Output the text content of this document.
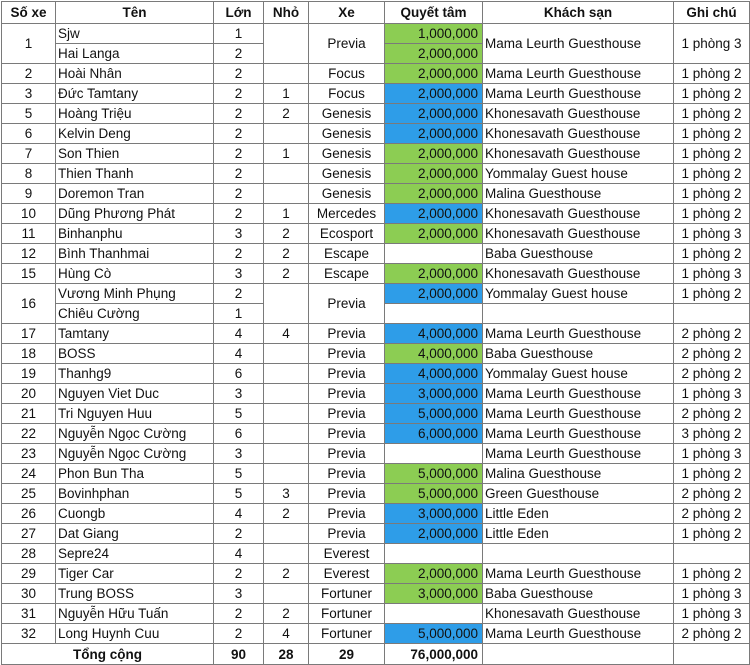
Số xe	Tên	Lớn	Nhỏ	Xe	Quyết tâm	Khách sạn	Ghi chú
1	Sjw	1		Previa	1,000,000	Mama Leurth Guesthouse	1 phòng 3
	Hai Langa	2			2,000,000		
2	Hoài Nhân	2		Focus	2,000,000	Mama Leurth Guesthouse	1 phòng 2
3	Đức Tamtany	2	1	Focus	2,000,000	Mama Leurth Guesthouse	1 phòng 2
5	Hoàng Triệu	2	2	Genesis	2,000,000	Khonesavath Guesthouse	1 phòng 2
6	Kelvin Deng	2		Genesis	2,000,000	Khonesavath Guesthouse	1 phòng 2
7	Son Thien	2	1	Genesis	2,000,000	Khonesavath Guesthouse	1 phòng 2
8	Thien Thanh	2		Genesis	2,000,000	Yommalay Guest house	1 phòng 2
9	Doremon Tran	2		Genesis	2,000,000	Malina Guesthouse	1 phòng 2
10	Dũng Phương Phát	2	1	Mercedes	2,000,000	Khonesavath Guesthouse	1 phòng 2
11	Binhanphu	3	2	Ecosport	2,000,000	Khonesavath Guesthouse	1 phòng 3
12	Bình Thanhmai	2	2	Escape		Baba Guesthouse	1 phòng 2
15	Hùng Cò	3	2	Escape	2,000,000	Khonesavath Guesthouse	1 phòng 3
16	Vương Minh Phụng	2		Previa	2,000,000	Yommalay Guest house	1 phòng 2
	Chiêu Cường	1					
17	Tamtany	4	4	Previa	4,000,000	Mama Leurth Guesthouse	2 phòng 2
18	BOSS	4		Previa	4,000,000	Baba Guesthouse	2 phòng 2
19	Thanhg9	6		Previa	4,000,000	Yommalay Guest house	2 phòng 2
20	Nguyen Viet Duc	3		Previa	3,000,000	Mama Leurth Guesthouse	1 phòng 3
21	Tri Nguyen Huu	5		Previa	5,000,000	Mama Leurth Guesthouse	2 phòng 2
22	Nguyễn Ngọc Cường	6		Previa	6,000,000	Mama Leurth Guesthouse	3 phòng 2
23	Nguyễn Ngọc Cường	3		Previa		Mama Leurth Guesthouse	1 phòng 3
24	Phon Bun Tha	5		Previa	5,000,000	Malina Guesthouse	1 phòng 2
25	Bovinhphan	5	3	Previa	5,000,000	Green Guesthouse	2 phòng 2
26	Cuongb	4	2	Previa	3,000,000	Little Eden	2 phòng 2
27	Dat Giang	2		Previa	2,000,000	Little Eden	1 phòng 2
28	Sepre24	4		Everest			
29	Tiger Car	2	2	Everest	2,000,000	Mama Leurth Guesthouse	1 phòng 2
30	Trung BOSS	3		Fortuner	3,000,000	Baba Guesthouse	1 phòng 3
31	Nguyễn Hữu Tuấn	2	2	Fortuner		Khonesavath Guesthouse	1 phòng 3
32	Long Huynh Cuu	2	4	Fortuner	5,000,000	Mama Leurth Guesthouse	2 phòng 2
Tổng cộng		90	28	29	76,000,000		
